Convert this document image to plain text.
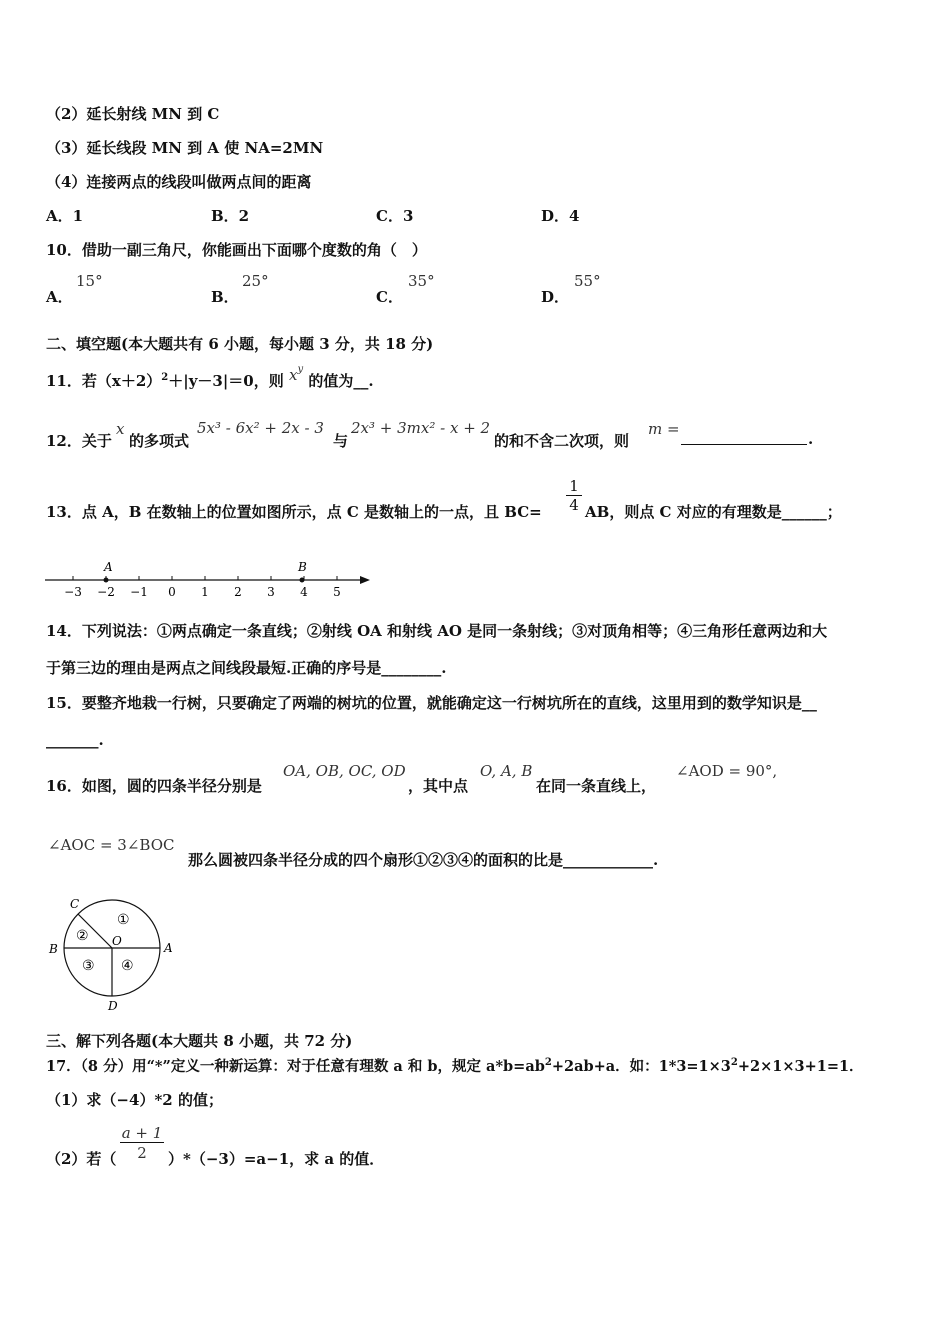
（2）延长射线 MN 到 C
（3）延长线段 MN 到 A 使 NA=2MN
（4）连接两点的线段叫做两点间的距离
A．1	B．2	C．3	D．4
10．借助一副三角尺，你能画出下面哪个度数的角（　）
A．
15°
B．
25°
C．
35°
D．
55°
二、填空题(本大题共有 6 小题，每小题 3 分，共 18 分)
11．若$(x+2)^2+|y-3|=0$，则 $x^y$ 的值为__.
12．关于
x
的多项式
5x³ - 6x² + 2x - 3
与
2x³ + 3mx² - x + 2
的和不含二次项，则
m =
.
13．点 A，B 在数轴上的位置如图所示，点 C 是数轴上的一点，且 $BC= \frac{1}{4}$ AB，则点 C 对应的有理数是______；
−3 −2 −1 0 1 2 3 4 5
A	B
14．下列说法：①两点确定一条直线；②射线 OA 和射线 AO 是同一条射线；③对顶角相等；④三角形任意两边和大
于第三边的理由是两点之间线段最短.正确的序号是________.
15．要整齐地栽一行树，只要确定了两端的树坑的位置，就能确定这一行树坑所在的直线，这里用到的数学知识是__
_______.
16．如图，圆的四条半径分别是
OA, OB, OC, OD
，其中点
O, A, B
在同一条直线上，
∠AOD = 90°,
∠AOC = 3∠BOC
那么圆被四条半径分成的四个扇形①②③④的面积的比是____________.
A
B
C
D
O
①
②
③ ④
三、解下列各题(本大题共 8 小题，共 72 分)
17．（8 分）用“*”定义一种新运算：对于任意有理数 a 和 b，规定 $a*b=ab^2+2ab+a$．如：$1*3=1\times 3^2+2\times 1\times 3+1=1$．
（1）求（−4）*2 的值；
（2）若（ $\frac{a + 1}{2} )*(-3)=a-1$，求 a 的值．
